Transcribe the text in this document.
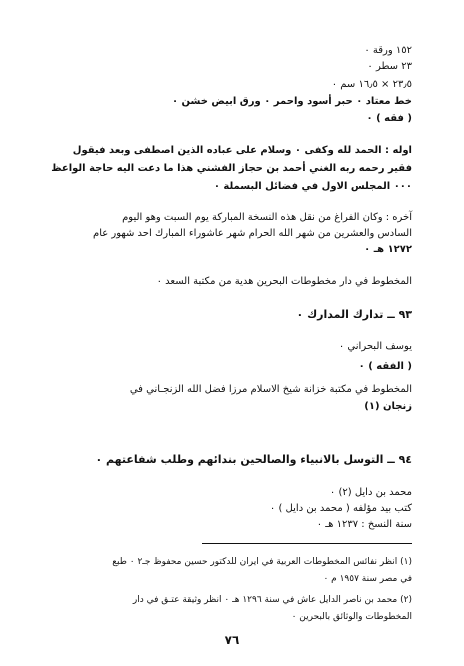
١٥٢ ورقة ٠
٢٣ سطر ٠
٢٣٫٥ × ١٦٫٥ سم ٠
خط معتاد ٠ حبر أسود واحمر ٠ ورق ابيض خشن ٠
( فقه ) ٠
اوله : الحمد لله وكفى ٠ وسلام على عباده الذين اصطفى وبعد فيقول
فقير رحمه ربه الغني أحمد بن حجاز الفشني هذا ما دعت اليه حاجة الواعظ
٠٠٠ المجلس الاول في فضائل البسملة ٠
آخره : وكان الفراغ من نقل هذه النسخة المباركة يوم السبت وهو اليوم
السادس والعشرين من شهر الله الحرام شهر عاشوراء المبارك احد شهور عام
١٢٧٢ هـ ٠
المخطوط في دار مخطوطات البحرين هدية من مكتبة السعد ٠
٩٣ ــ تدارك المدارك ٠
يوسف البحراني ٠
( الفقه ) ٠
المخطوط في مكتبة خزانة شيخ الاسلام مرزا فضل الله الزنجـاني في
زنجان (١)
٩٤ ــ التوسل بالانبياء والصالحين بندائهم وطلب شفاعتهم ٠
محمد بن دايل (٢) ٠
كتب بيد مؤلفه ( محمد بن دايل ) ٠
سنة النسخ : ١٢٣٧ هـ ٠
(١) انظر نفائس المخطوطات العربية في ايران للدكتور حسين محفوظ جـ٢ ٠ طبع
في مصر سنة ١٩٥٧ م ٠
(٢) محمد بن ناصر الدايل عاش في سنة ١٢٩٦ هـ ٠ انظر وثيقة عتـق في دار
المخطوطات والوثائق بالبحرين ٠
٧٦
